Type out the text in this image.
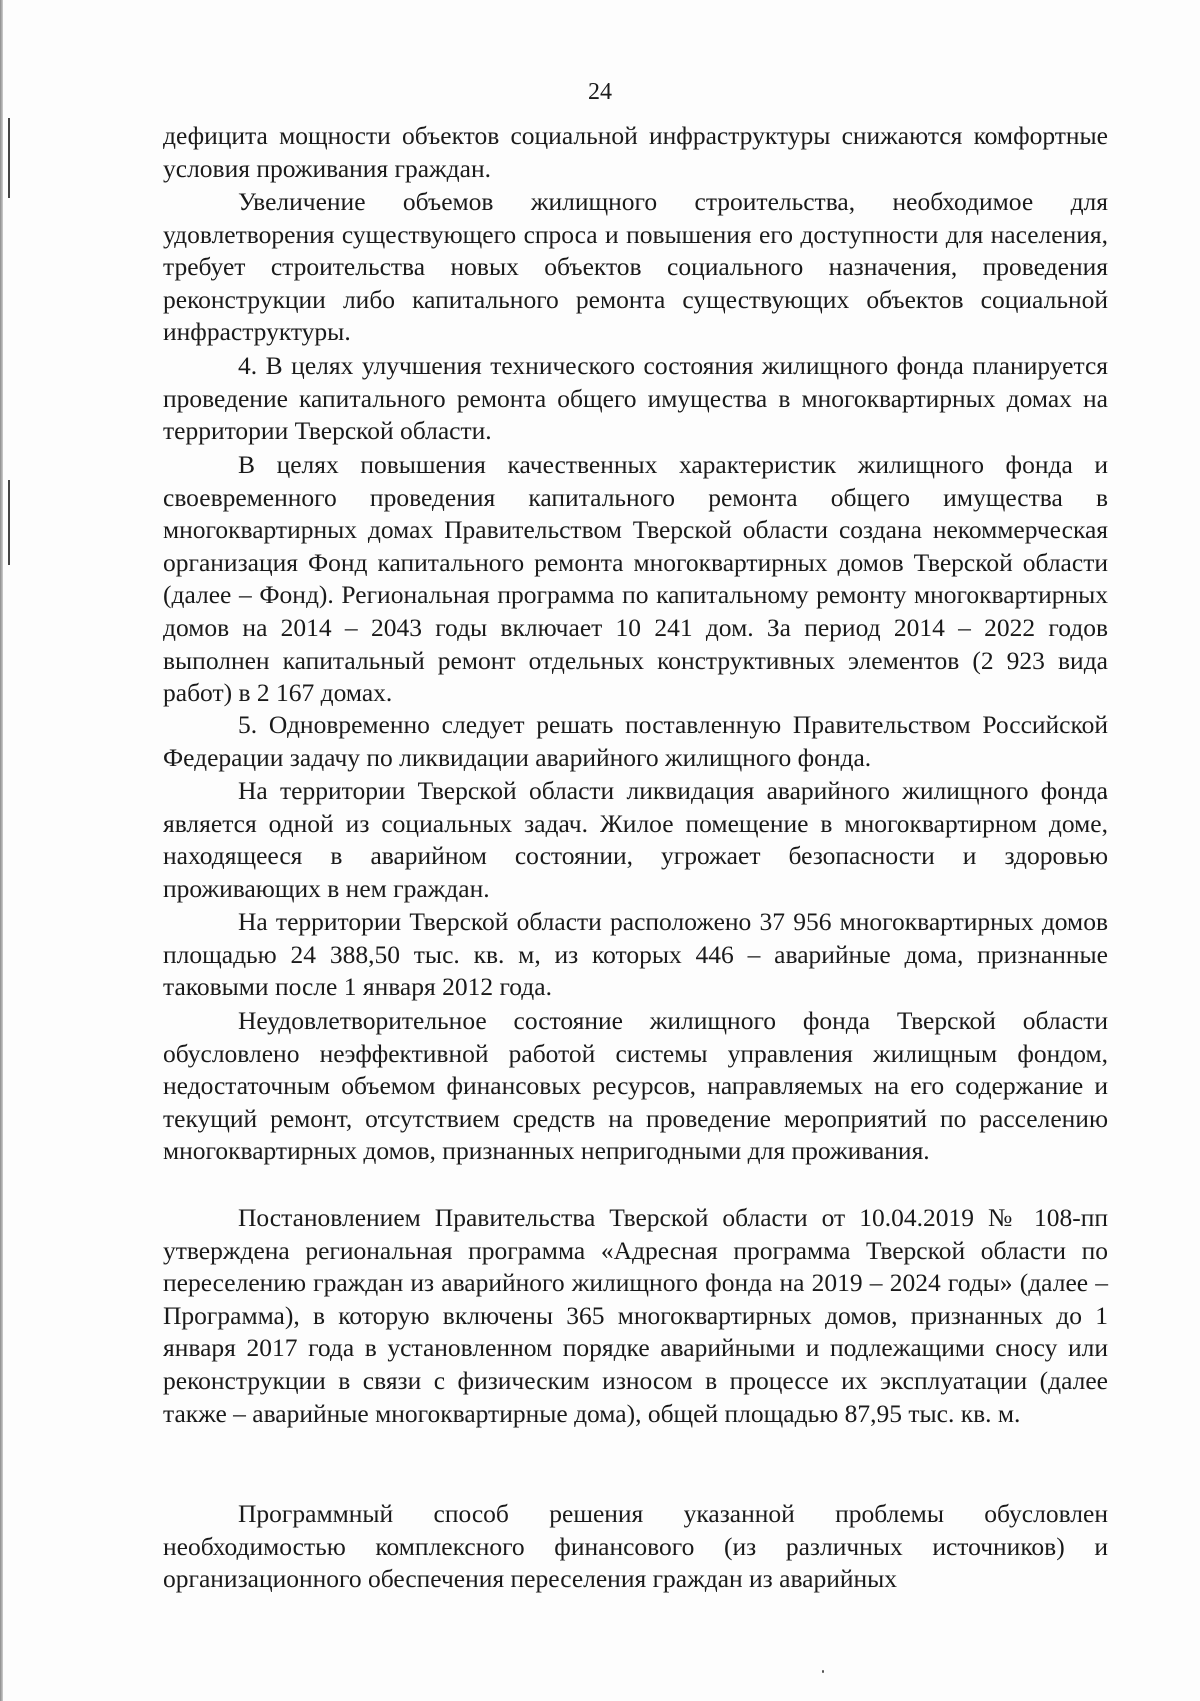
24

дефицита мощности объектов социальной инфраструктуры снижаются комфортные условия проживания граждан.

Увеличение объемов жилищного строительства, необходимое для удовлетворения существующего спроса и повышения его доступности для населения, требует строительства новых объектов социального назначения, проведения реконструкции либо капитального ремонта существующих объектов социальной инфраструктуры.

4. В целях улучшения технического состояния жилищного фонда планируется проведение капитального ремонта общего имущества в многоквартирных домах на территории Тверской области.

В целях повышения качественных характеристик жилищного фонда и своевременного проведения капитального ремонта общего имущества в многоквартирных домах Правительством Тверской области создана некоммерческая организация Фонд капитального ремонта многоквартирных домов Тверской области (далее – Фонд). Региональная программа по капитальному ремонту многоквартирных домов на 2014 – 2043 годы включает 10 241 дом. За период 2014 – 2022 годов выполнен капитальный ремонт отдельных конструктивных элементов (2 923 вида работ) в 2 167 домах.

5. Одновременно следует решать поставленную Правительством Российской Федерации задачу по ликвидации аварийного жилищного фонда.

На территории Тверской области ликвидация аварийного жилищного фонда является одной из социальных задач. Жилое помещение в многоквартирном доме, находящееся в аварийном состоянии, угрожает безопасности и здоровью проживающих в нем граждан.

На территории Тверской области расположено 37 956 многоквартирных домов площадью 24 388,50 тыс. кв. м, из которых 446 – аварийные дома, признанные таковыми после 1 января 2012 года.

Неудовлетворительное состояние жилищного фонда Тверской области обусловлено неэффективной работой системы управления жилищным фондом, недостаточным объемом финансовых ресурсов, направляемых на его содержание и текущий ремонт, отсутствием средств на проведение мероприятий по расселению многоквартирных домов, признанных непригодными для проживания.

Постановлением Правительства Тверской области от 10.04.2019 № 108-пп утверждена региональная программа «Адресная программа Тверской области по переселению граждан из аварийного жилищного фонда на 2019 – 2024 годы» (далее – Программа), в которую включены 365 многоквартирных домов, признанных до 1 января 2017 года в установленном порядке аварийными и подлежащими сносу или реконструкции в связи с физическим износом в процессе их эксплуатации (далее также – аварийные многоквартирные дома), общей площадью 87,95 тыс. кв. м.

Программный способ решения указанной проблемы обусловлен необходимостью комплексного финансового (из различных источников) и организационного обеспечения переселения граждан из аварийных
